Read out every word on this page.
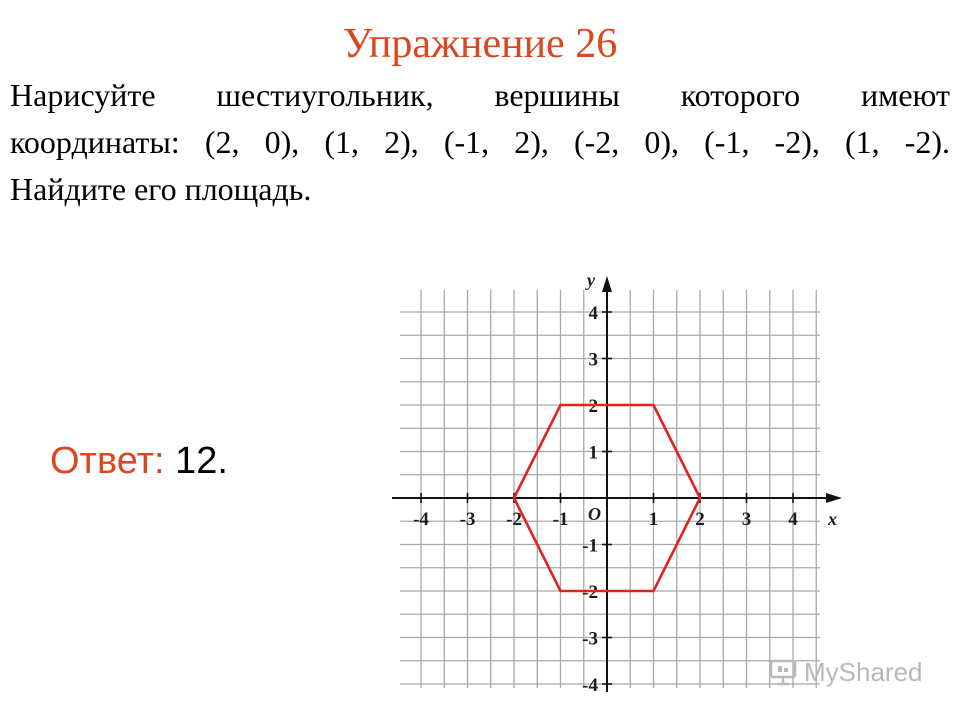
Упражнение 26
Нарисуйте шестиугольник, вершины которого имеют
координаты: (2, 0), (1, 2), (-1, 2), (-2, 0), (-1, -2), (1, -2).
Найдите его площадь.
Ответ: 12.
-4 -3 -2 -1	1 2 3 4
4
3
2
1
-1
-2
-3
-4
x
y
O
MyShared
